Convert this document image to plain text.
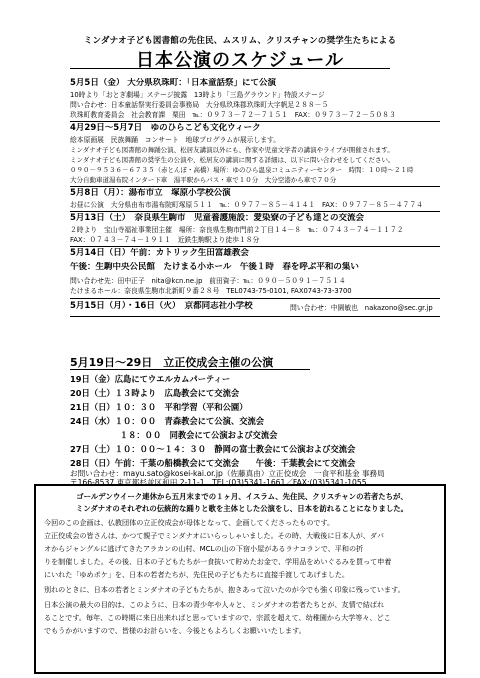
ミンダナオ子ども図書館の先住民、ムスリム、クリスチャンの奨学生たちによる
日本公演のスケジュール
5月5日（金） 大分県玖珠町：「日本童話祭」にて公演
10時より「おとぎ劇場」ステージ披露　13時より「三島グラウンド」特設ステージ
問い合わせ：日本童話祭実行委員会事務局　大分県玖珠郡玖珠町大字帆足２８８－５
玖珠町教育委員会　社会教育課　栗田　℡：０９７３－７２－７１５１　FAX：０９７３－７２－５０８３
4月29日～5月7日　ゆのひらこども文化ウィーク
絵本原画展　民族舞踊　コンサート　地球プログラムが展示します。
ミンダナオ子ども図書館の舞踊公演、松居友講演以外にも、作家や児童文学者の講演やライブが開催されます。
ミンダナオ子ども図書館の奨学生の公演や、松居友の講演に関する詳細は、以下に問い合わせをしてください。
０９０－９５３６－６７３５（赤とんぼ・高橋）場所：ゆのひら温泉コミュニティーセンター　時間：１０時～２１時
大分自動車道湯布院インター下車　湯平駅からバス・車で１０分　大分空港から車で７０分
5月8日（月）：湯布市立　塚原小学校公演
お昼に公演　大分県由布市湯布院町塚原５１１　℡：０９７７－８５－４１４１　FAX：０９７７－８５－４７７４
5月13日（土）　奈良県生駒市　児童養護施設：愛染寮の子ども達との交流会
２時より　宝山寺福祉事業団主催　場所：奈良県生駒市門前２丁目１４－８　℡：０７４３－７４－１１７２
FAX：０７４３－７４－１９１１　近鉄生駒駅より徒歩１８分
5月14日（日）午前：カトリック生田富雄教会
午後：生駒中央公民館　たけまる小ホール　午後１時　春を呼ぶ平和の集い
問い合わせ先：田中正子　nita@kcn.ne.jp　前田資子：℡：０９０－５０９１－７５１４
たけまるホール：奈良県生駒市北新町９番２８号　TEL0743-75-0101, FAX0743-73-3700
5月15日（月）・16日（火）　京都同志社小学校	問い合わせ：中園敏也　nakazono@sec.gr.jp
5月19日～29日　立正佼成会主催の公演
19日（金）広島にてウエルカムパーティー
20日（土）１３時より　広島教会にて交流会
21日（日）１０：３０　平和学習（平和公園）
24日（水）１０：００　青森教会にて公演、交流会
　　　　　　１８：００　同教会にて公演および交流会
27日（土）１０：００～１４：３０　静岡の富士教会にて公演および交流会
28日（日）午前：千葉の船橋教会にて交流会　　午後：千葉教会にて交流会
お問い合わせ：mayu.sato@kosei-kai.or.jp（佐藤真由）立正佼成会　一食平和基金 事務局
〒166-8537 東京都杉並区和田 2-11-1　TEL:(03)5341-1661／FAX:(03)5341-1055
ゴールデンウイーク連休から五月末までの１ヶ月、イスラム、先住民、クリスチャンの若者たちが、
ミンダナオのそれぞれの伝統的な踊りと歌を主体とした公演をし、日本を訪れることになりました。
今回のこの企画は、仏教団体の立正佼成会が母体となって、企画してくださったものです。
立正佼成会の皆さんは、かつて親子でミンダナオにいらっしゃいました。その時、大戦後に日本人が、ダバ
オからジャングルに逃げてきたアラカンの山村、MCLの山の下宿小屋があるラナコランで、平和の折
りを制催しました。その後、日本の子どもたちが一食抜いて貯めたお金で、学用品をめいぐるみを買って申着
にいれた「ゆめポケ」を、日本の若者たちが、先住民の子どもたちに直接手渡してあげました。
別れのときに、日本の若者とミンダナオの子どもたちが、抱きあって泣いたのが今でも強く印象に残っています。
日本公演の最大の目的は、このように、日本の青少年や人々と、ミンダナオの若者たちとが、友情で結ばれ
ることです。毎年、この時期に来日出来ればと思っていますので、宗派を超えて、幼稚園から大学等々、どこ
でもうかがいますので、皆様のお計らいを、今後ともよろしくお願いいたします。
